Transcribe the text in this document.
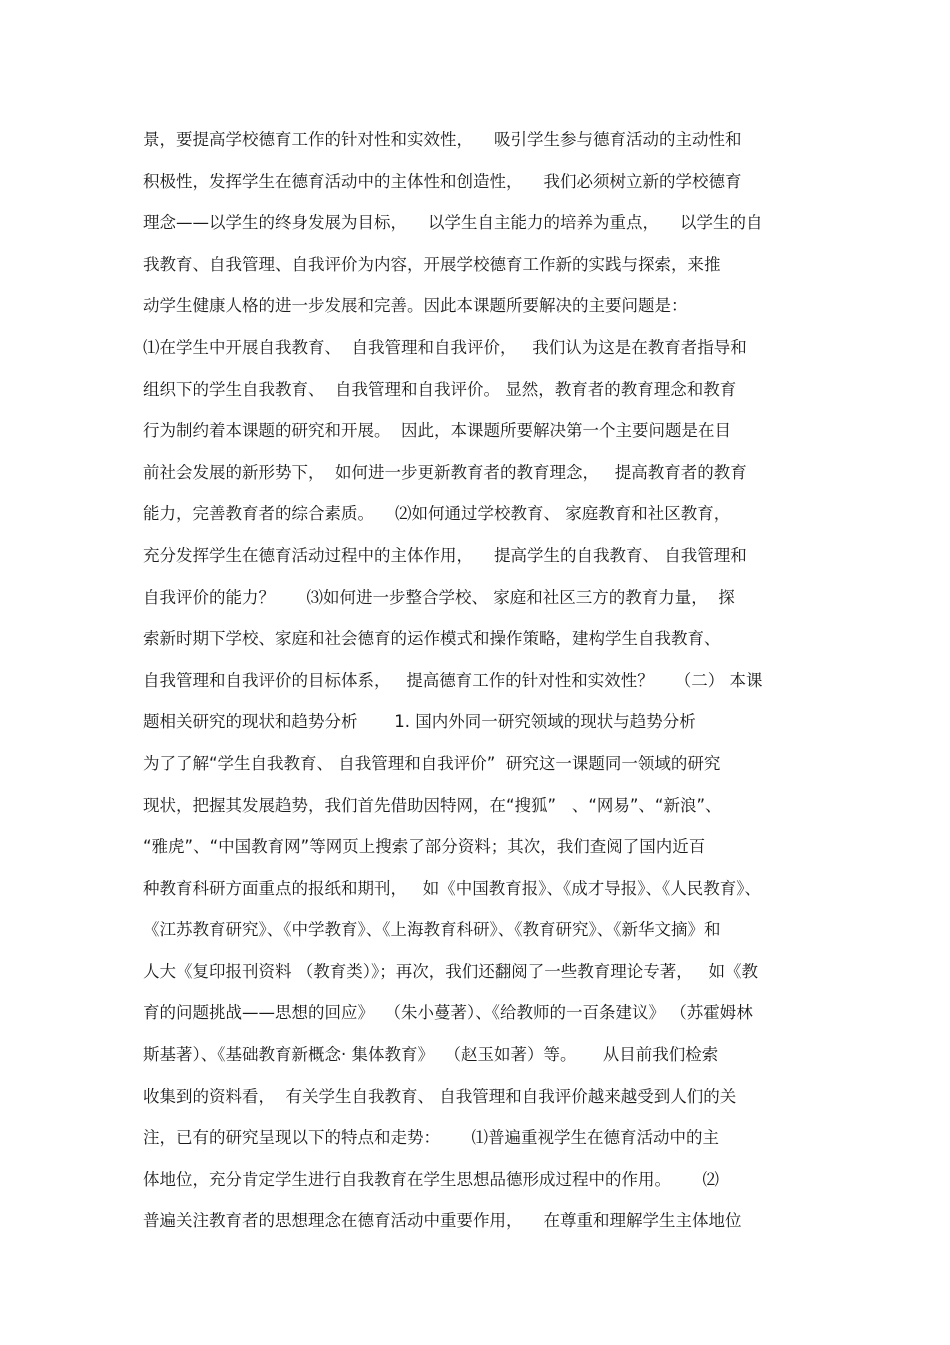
景，要提高学校德育工作的针对性和实效性，    吸引学生参与德育活动的主动性和
积极性，发挥学生在德育活动中的主体性和创造性，    我们必须树立新的学校德育
理念——以学生的终身发展为目标，    以学生自主能力的培养为重点，    以学生的自
我教育、自我管理、自我评价为内容，开展学校德育工作新的实践与探索，来推
动学生健康人格的进一步发展和完善。因此本课题所要解决的主要问题是：
⑴在学生中开展自我教育、  自我管理和自我评价，   我们认为这是在教育者指导和
组织下的学生自我教育、  自我管理和自我评价。 显然，教育者的教育理念和教育
行为制约着本课题的研究和开展。  因此，本课题所要解决第一个主要问题是在目
前社会发展的新形势下，  如何进一步更新教育者的教育理念，   提高教育者的教育
能力，完善教育者的综合素质。    ⑵如何通过学校教育、 家庭教育和社区教育，
充分发挥学生在德育活动过程中的主体作用，    提高学生的自我教育、 自我管理和
自我评价的能力？      ⑶如何进一步整合学校、 家庭和社区三方的教育力量，  探
索新时期下学校、家庭和社会德育的运作模式和操作策略，建构学生自我教育、
自我管理和自我评价的目标体系，   提高德育工作的针对性和实效性？    （二） 本课
题相关研究的现状和趋势分析       1. 国内外同一研究领域的现状与趋势分析
为了了解“学生自我教育、 自我管理和自我评价”  研究这一课题同一领域的研究
现状，把握其发展趋势，我们首先借助因特网，在“搜狐”   、“网易”、“新浪”、
“雅虎”、“中国教育网”等网页上搜索了部分资料；其次，我们查阅了国内近百
种教育科研方面重点的报纸和期刊，   如《中国教育报》、《成才导报》、《人民教育》、
《江苏教育研究》、《中学教育》、《上海教育科研》、《教育研究》、《新华文摘》和
人大《复印报刊资料 （教育类）》；再次，我们还翻阅了一些教育理论专著，   如《教
育的问题挑战——思想的回应》  （朱小蔓著）、《给教师的一百条建议》 （苏霍姆林
斯基著）、《基础教育新概念· 集体教育》  （赵玉如著）等。     从目前我们检索
收集到的资料看，  有关学生自我教育、 自我管理和自我评价越来越受到人们的关
注，已有的研究呈现以下的特点和走势：      ⑴普遍重视学生在德育活动中的主
体地位，充分肯定学生进行自我教育在学生思想品德形成过程中的作用。      ⑵
普遍关注教育者的思想理念在德育活动中重要作用，    在尊重和理解学生主体地位
